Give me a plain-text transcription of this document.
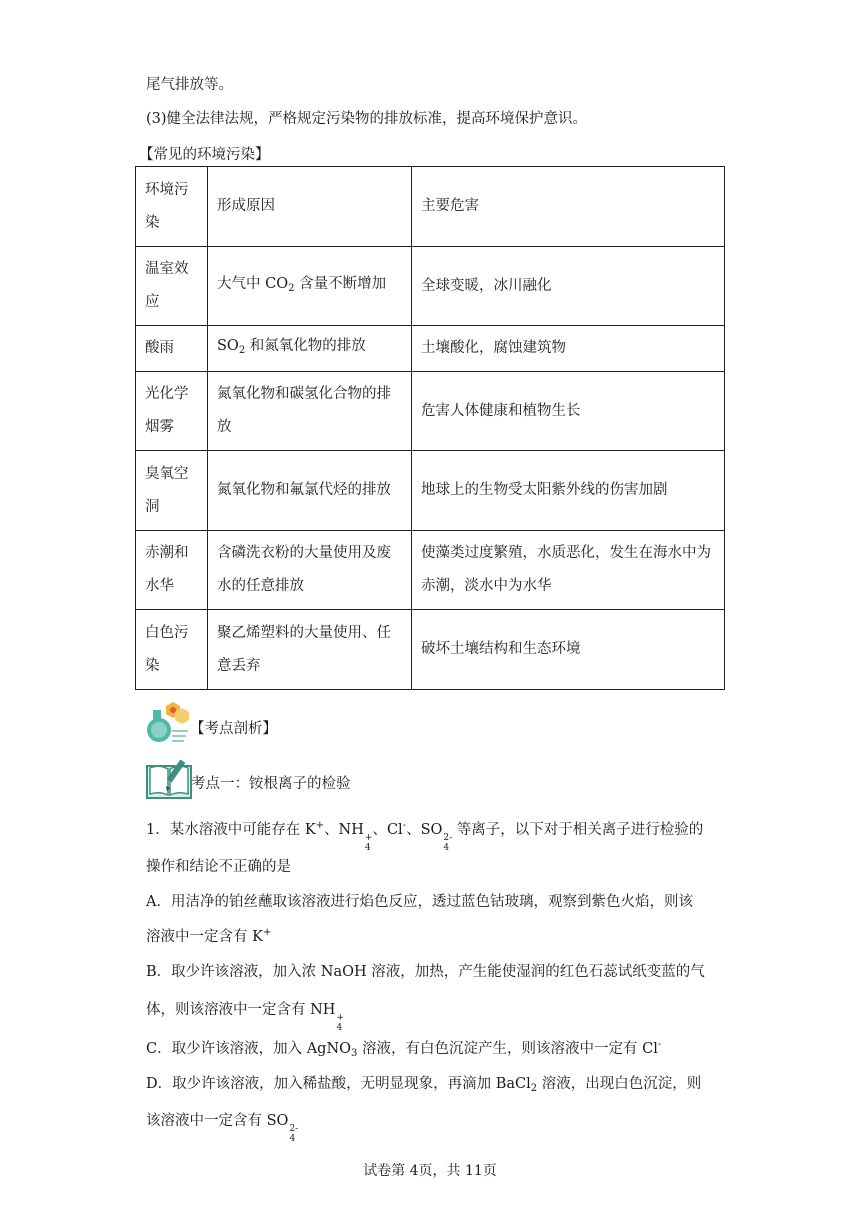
尾气排放等。
(3)健全法律法规，严格规定污染物的排放标准，提高环境保护意识。
【常见的环境污染】
环境污染	形成原因	主要危害
温室效应	大气中 $CO_2$ 含量不断增加	全球变暖，冰川融化
酸雨	$SO_2$ 和氮氧化物的排放	土壤酸化，腐蚀建筑物
光化学烟雾	氮氧化物和碳氢化合物的排放	危害人体健康和植物生长
臭氧空洞	氮氧化物和氟氯代烃的排放	地球上的生物受太阳紫外线的伤害加剧
赤潮和水华	含磷洗衣粉的大量使用及废水的任意排放	使藻类过度繁殖，水质恶化，发生在海水中为赤潮，淡水中为水华
白色污染	聚乙烯塑料的大量使用、任意丢弃	破坏土壤结构和生态环境
【考点剖析】
考点一：铵根离子的检验
1．某水溶液中可能存在 K+、NH +
4
、Cl-、SO 2-
4
等离子，以下对于相关离子进行检验的
操作和结论不正确的是
A．用洁净的铂丝蘸取该溶液进行焰色反应，透过蓝色钴玻璃，观察到紫色火焰，则该
溶液中一定含有 K+
B．取少许该溶液，加入浓 NaOH 溶液，加热，产生能使湿润的红色石蕊试纸变蓝的气
体，则该溶液中一定含有 NH +
4
C．取少许该溶液，加入 AgNO$_3$ 溶液，有白色沉淀产生，则该溶液中一定有 Cl-
D．取少许该溶液，加入稀盐酸，无明显现象，再滴加 BaCl$_2$ 溶液，出现白色沉淀，则
该溶液中一定含有 SO 2-
4
试卷第 4页，共 11页
